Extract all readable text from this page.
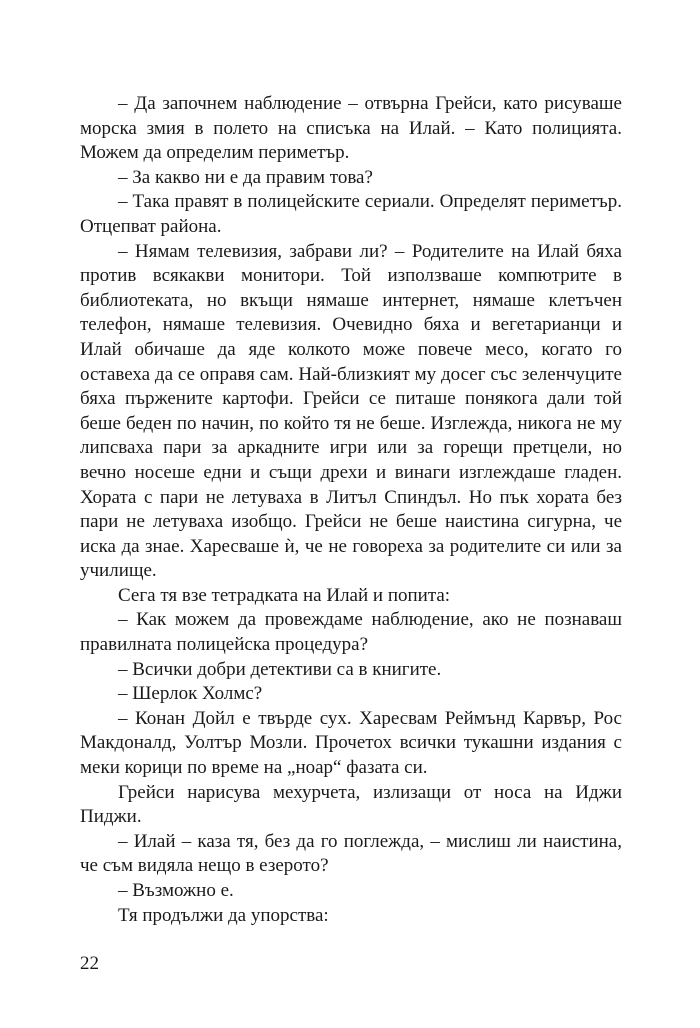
– Да започнем наблюдение – отвърна Грейси, като рисуваше морска змия в полето на списъка на Илай. – Като полицията. Можем да определим периметър.

– За какво ни е да правим това?

– Така правят в полицейските сериали. Определят периметър. Отцепват района.

– Нямам телевизия, забрави ли? – Родителите на Илай бяха против всякакви монитори. Той използваше компютрите в библиотеката, но вкъщи нямаше интернет, нямаше клетъчен телефон, нямаше телевизия. Очевидно бяха и вегетарианци и Илай обичаше да яде колкото може повече месо, когато го оставеха да се оправя сам. Най-близкият му досег със зеленчуците бяха пържените картофи. Грейси се питаше понякога дали той беше беден по начин, по който тя не беше. Изглежда, никога не му липсваха пари за аркадните игри или за горещи претцели, но вечно носеше едни и същи дрехи и винаги изглеждаше гладен. Хората с пари не летуваха в Литъл Спиндъл. Но пък хората без пари не летуваха изобщо. Грейси не беше наистина сигурна, че иска да знае. Харесваше ѝ, че не говореха за родителите си или за училище.

Сега тя взе тетрадката на Илай и попита:

– Как можем да провеждаме наблюдение, ако не познаваш правилната полицейска процедура?

– Всички добри детективи са в книгите.

– Шерлок Холмс?

– Конан Дойл е твърде сух. Харесвам Реймънд Карвър, Рос Макдоналд, Уолтър Мозли. Прочетох всички тукашни издания с меки корици по време на „ноар“ фазата си.

Грейси нарисува мехурчета, излизащи от носа на Иджи Пиджи.

– Илай – каза тя, без да го поглежда, – мислиш ли наистина, че съм видяла нещо в езерото?

– Възможно е.

Тя продължи да упорства:

22
